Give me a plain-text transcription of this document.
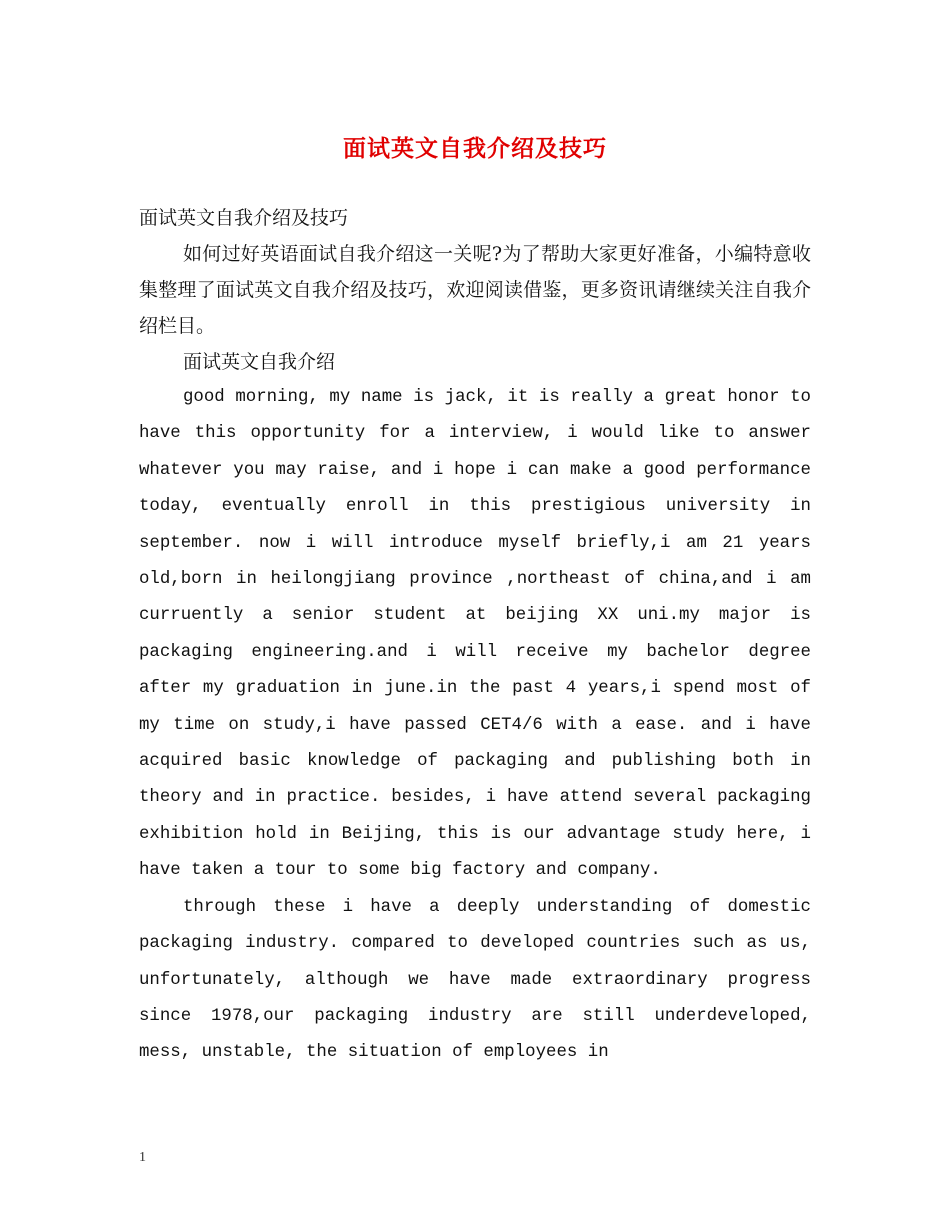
面试英文自我介绍及技巧

面试英文自我介绍及技巧

如何过好英语面试自我介绍这一关呢?为了帮助大家更好准备，小编特意收集整理了面试英文自我介绍及技巧，欢迎阅读借鉴，更多资讯请继续关注自我介绍栏目。

面试英文自我介绍

good morning, my name is jack, it is really a great honor to have this opportunity for a interview, i would like to answer whatever you may raise, and i hope i can make a good performance today, eventually enroll in this prestigious university in september. now i will introduce myself briefly,i am 21 years old,born in heilongjiang province ,northeast of china,and i am curruently a senior student at beijing XX uni.my major is packaging engineering.and i will receive my bachelor degree after my graduation in june.in the past 4 years,i spend most of my time on study,i have passed CET4/6 with a ease. and i have acquired basic knowledge of packaging and publishing both in theory and in practice. besides, i have attend several packaging exhibition hold in Beijing, this is our advantage study here, i have taken a tour to some big factory and company.

through these i have a deeply understanding of domestic packaging industry. compared to developed countries such as us, unfortunately, although we have made extraordinary progress since 1978,our packaging industry are still underdeveloped, mess, unstable, the situation of employees in

1
